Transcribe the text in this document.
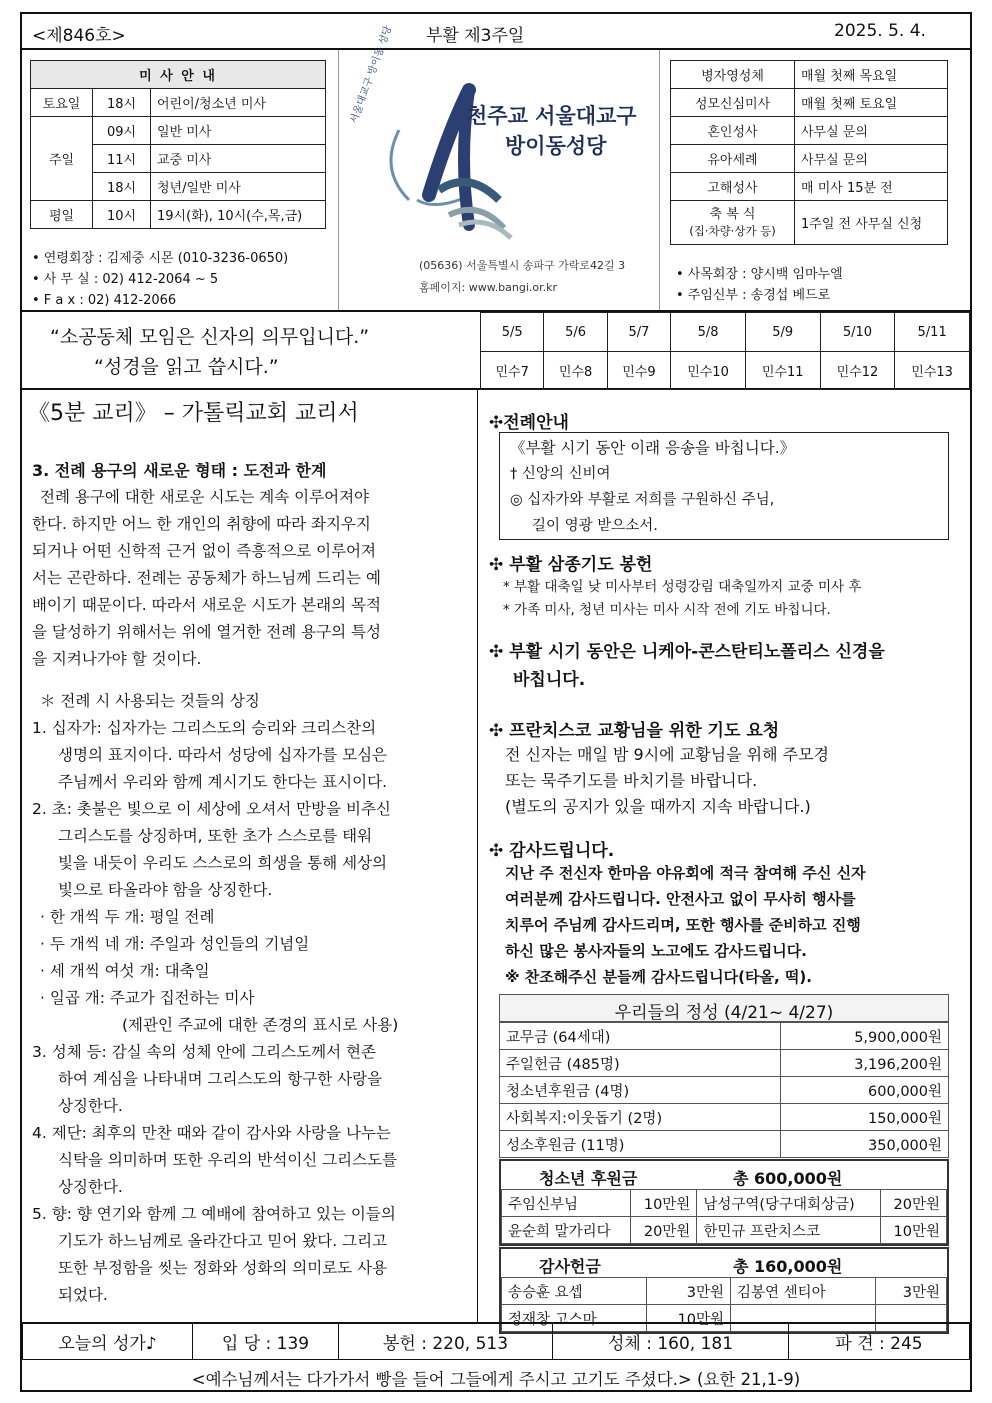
<제846호>	부활 제3주일	2025. 5. 4.
미 사 안 내		
토요일	18시	어린이/청소년 미사
주일	09시	일반 미사
	11시	교중 미사
	18시	청년/일반 미사
평일	10시	19시(화), 10시(수,목,금)
• 연령회장 : 김제중 시몬 (010-3236-0650)
• 사 무 실 : 02) 412-2064 ~ 5
• F a x : 02) 412-2066
천주교 서울대교구
방이동성당
서울대교구 방이동 성당
(05636) 서울특별시 송파구 가락로42길 3
홈페이지: www.bangi.or.kr
병자영성체	매월 첫째 목요일
성모신심미사	매월 첫째 토요일
혼인성사	사무실 문의
유아세례	사무실 문의
고해성사	매 미사 15분 전

축 복 식
(집·차량·상가 등)	1주일 전 사무실 신청
• 사목회장 : 양시백 임마누엘
• 주임신부 : 송경섭 베드로
“소공동체 모임은 신자의 의무입니다.”
“성경을 읽고 씁시다.”
5/5	5/6	5/7	5/8	5/9	5/10	5/11
민수7	민수8	민수9	민수10	민수11	민수12	민수13
《5분 교리》 – 가톨릭교회 교리서
3. 전례 용구의 새로운 형태 : 도전과 한계
전례 용구에 대한 새로운 시도는 계속 이루어져야
한다. 하지만 어느 한 개인의 취향에 따라 좌지우지
되거나 어떤 신학적 근거 없이 즉흥적으로 이루어져
서는 곤란하다. 전례는 공동체가 하느님께 드리는 예
배이기 때문이다. 따라서 새로운 시도가 본래의 목적
을 달성하기 위해서는 위에 열거한 전례 용구의 특성
을 지켜나가야 할 것이다.
＊ 전례 시 사용되는 것들의 상징
1. 십자가: 십자가는 그리스도의 승리와 크리스찬의
생명의 표지이다. 따라서 성당에 십자가를 모심은
주님께서 우리와 함께 계시기도 한다는 표시이다.
2. 초: 촛불은 빛으로 이 세상에 오셔서 만방을 비추신
그리스도를 상징하며, 또한 초가 스스로를 태워
빛을 내듯이 우리도 스스로의 희생을 통해 세상의
빛으로 타올라야 함을 상징한다.
· 한 개씩 두 개: 평일 전례
· 두 개씩 네 개: 주일과 성인들의 기념일
· 세 개씩 여섯 개: 대축일
· 일곱 개: 주교가 집전하는 미사
(제관인 주교에 대한 존경의 표시로 사용)
3. 성체 등: 감실 속의 성체 안에 그리스도께서 현존
하여 계심을 나타내며 그리스도의 항구한 사랑을
상징한다.
4. 제단: 최후의 만찬 때와 같이 감사와 사랑을 나누는
식탁을 의미하며 또한 우리의 반석이신 그리스도를
상징한다.
5. 향: 향 연기와 함께 그 예배에 참여하고 있는 이들의
기도가 하느님께로 올라간다고 믿어 왔다. 그리고
또한 부정함을 씻는 정화와 성화의 의미로도 사용
되었다.
✣전례안내
《부활 시기 동안 이래 응송을 바칩니다.》
† 신앙의 신비여
◎ 십자가와 부활로 저희를 구원하신 주님,
길이 영광 받으소서.
✣ 부활 삼종기도 봉헌
* 부활 대축일 낮 미사부터 성령강림 대축일까지 교중 미사 후
* 가족 미사, 청년 미사는 미사 시작 전에 기도 바칩니다.
✣ 부활 시기 동안은 니케아-콘스탄티노폴리스 신경을
바칩니다.
✣ 프란치스코 교황님을 위한 기도 요청
전 신자는 매일 밤 9시에 교황님을 위해 주모경
또는 묵주기도를 바치기를 바랍니다.
(별도의 공지가 있을 때까지 지속 바랍니다.)
✣ 감사드립니다.
지난 주 전신자 한마음 야유회에 적극 참여해 주신 신자
여러분께 감사드립니다. 안전사고 없이 무사히 행사를
치루어 주님께 감사드리며, 또한 행사를 준비하고 진행
하신 많은 봉사자들의 노고에도 감사드립니다.
※ 찬조해주신 분들께 감사드립니다(타올, 떡).
우리들의 정성 (4/21~ 4/27)
교무금 (64세대)	5,900,000원
주일헌금 (485명)	3,196,200원
청소년후원금 (4명)	600,000원
사회복지:이웃돕기 (2명)	150,000원
성소후원금 (11명)	350,000원
청소년 후원금	총 600,000원
주임신부님	10만원	남성구역(당구대회상금)	20만원
윤순희 말가리다	20만원	한민규 프란치스코	10만원
감사헌금	총 160,000원
송승훈 요셉	3만원	김봉연 센티아	3만원
정재창 고스마	10만원		
오늘의 성가♪	입 당 : 139	봉헌 : 220, 513	성체 : 160, 181	파 견 : 245
<예수님께서는 다가가서 빵을 들어 그들에게 주시고 고기도 주셨다.> (요한 21,1-9)
